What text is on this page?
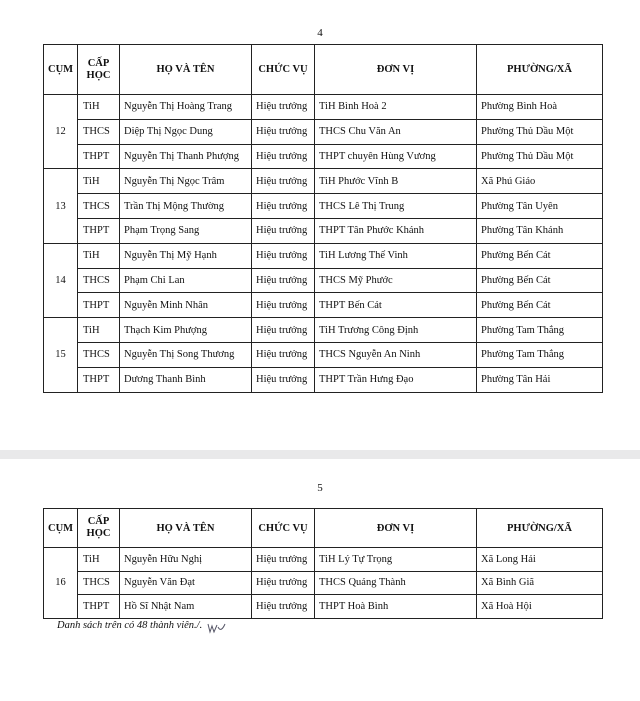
4
CỤM	CẤP HỌC	HỌ VÀ TÊN	CHỨC VỤ	ĐƠN VỊ	PHƯỜNG/XÃ
12	TiH	Nguyễn Thị Hoàng Trang	Hiệu trưởng	TiH Bình Hoà 2	Phường Bình Hoà
	THCS	Diệp Thị Ngọc Dung	Hiệu trưởng	THCS Chu Văn An	Phường Thủ Dầu Một
	THPT	Nguyễn Thị Thanh Phượng	Hiệu trưởng	THPT chuyên Hùng Vương	Phường Thủ Dầu Một
13	TiH	Nguyễn Thị Ngọc Trâm	Hiệu trưởng	TiH Phước Vĩnh B	Xã Phú Giáo
	THCS	Trần Thị Mộng Thường	Hiệu trưởng	THCS Lê Thị Trung	Phường Tân Uyên
	THPT	Phạm Trọng Sang	Hiệu trưởng	THPT Tân Phước Khánh	Phường Tân Khánh
14	TiH	Nguyễn Thị Mỹ Hạnh	Hiệu trưởng	TiH Lương Thế Vinh	Phường Bến Cát
	THCS	Phạm Chi Lan	Hiệu trưởng	THCS Mỹ Phước	Phường Bến Cát
	THPT	Nguyễn Minh Nhân	Hiệu trưởng	THPT Bến Cát	Phường Bến Cát
15	TiH	Thạch Kim Phượng	Hiệu trưởng	TiH Trương Công Định	Phường Tam Thắng
	THCS	Nguyễn Thị Song Thương	Hiệu trưởng	THCS Nguyễn An Ninh	Phường Tam Thắng
	THPT	Dương Thanh Bình	Hiệu trưởng	THPT Trần Hưng Đạo	Phường Tân Hải
5
CỤM	CẤP HỌC	HỌ VÀ TÊN	CHỨC VỤ	ĐƠN VỊ	PHƯỜNG/XÃ
16	TiH	Nguyễn Hữu Nghị	Hiệu trưởng	TiH Lý Tự Trọng	Xã Long Hải
	THCS	Nguyễn Văn Đạt	Hiệu trưởng	THCS Quảng Thành	Xã Bình Giã
	THPT	Hồ Sĩ Nhật Nam	Hiệu trưởng	THPT Hoà Bình	Xã Hoà Hội
Danh sách trên có 48 thành viên./.
